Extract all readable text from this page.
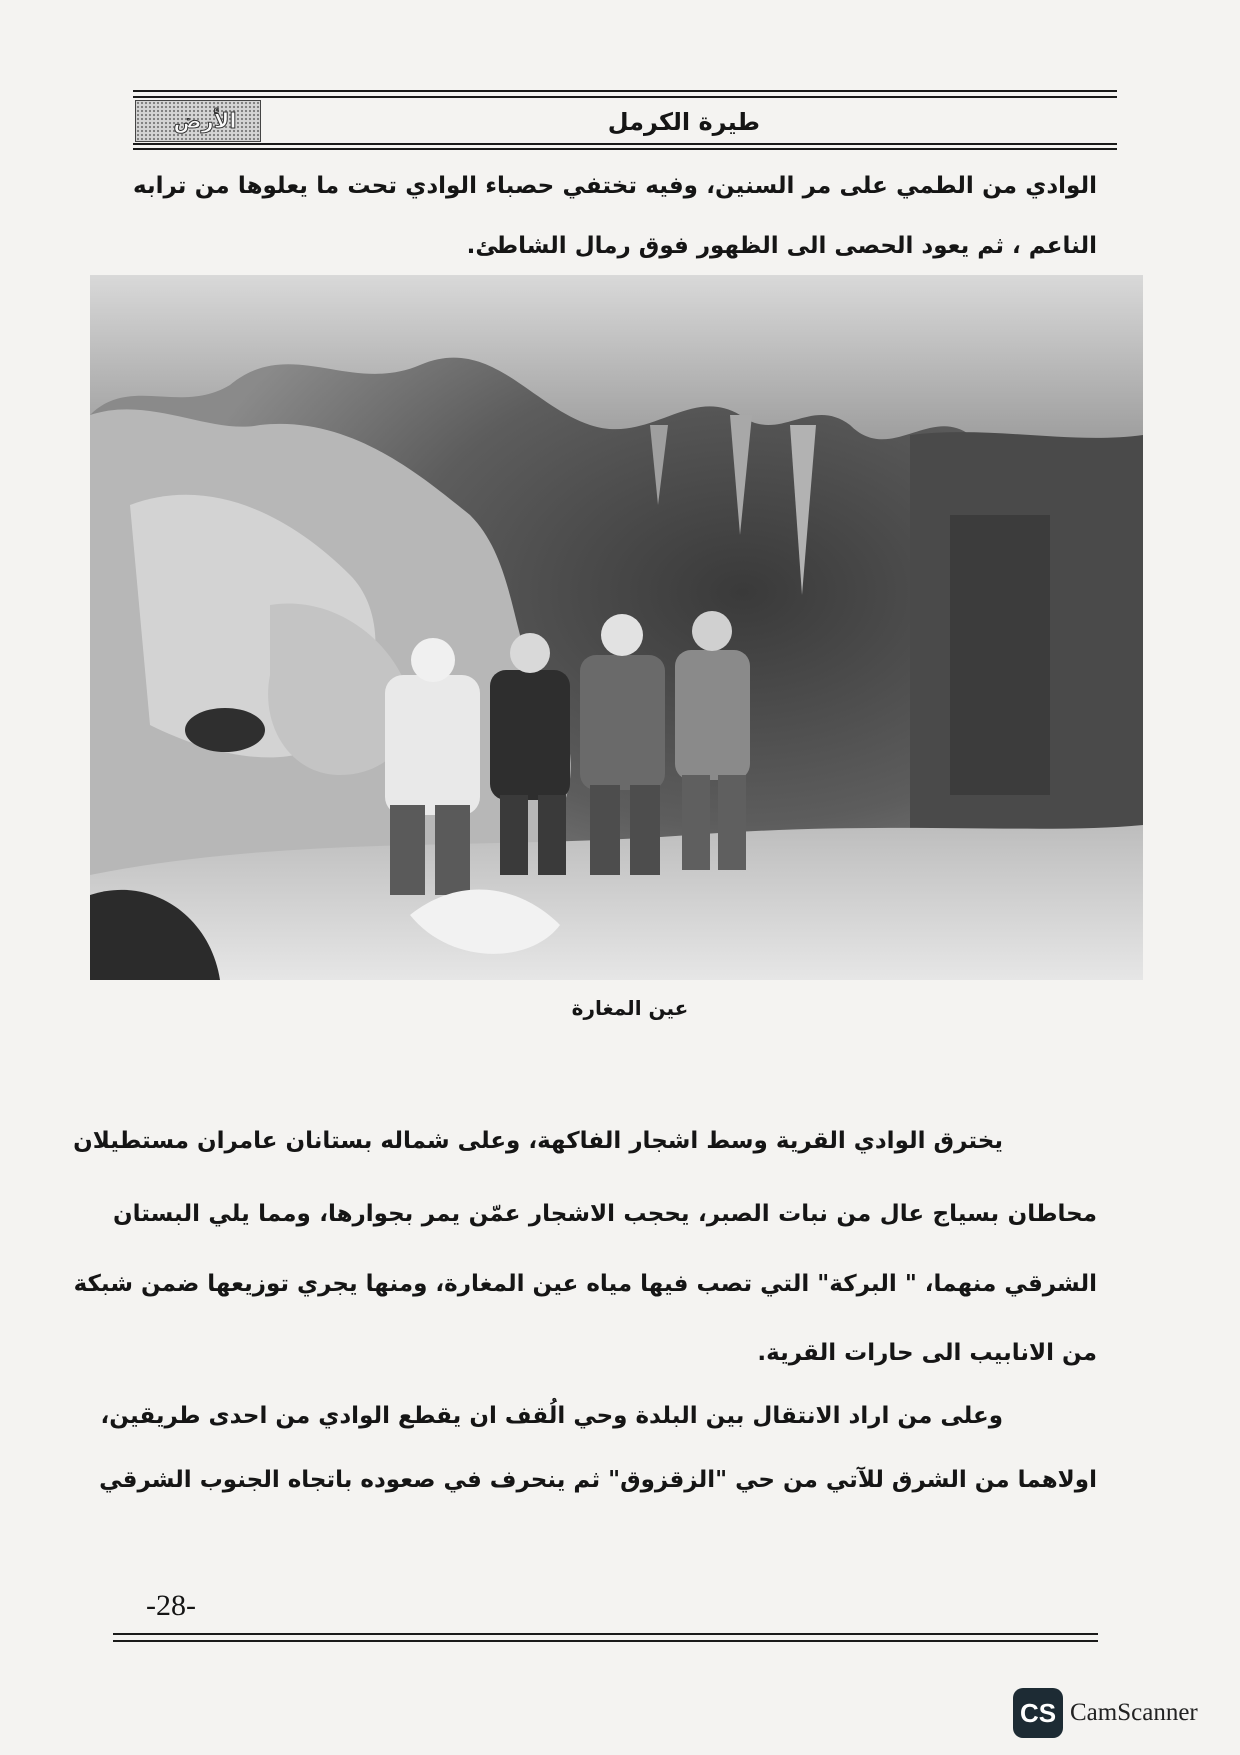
الأرض	طيرة الكرمل
الوادي من الطمي على مر السنين، وفيه تختفي حصباء الوادي تحت ما يعلوها من ترابه
الناعم ، ثم يعود الحصى الى الظهور فوق رمال الشاطئ.
عين المغارة
يخترق الوادي القرية وسط اشجار الفاكهة، وعلى شماله بستانان عامران مستطيلان
محاطان بسياج عال من نبات الصبر، يحجب الاشجار عمّن يمر بجوارها، ومما يلي البستان
الشرقي منهما، " البركة" التي تصب فيها مياه عين المغارة، ومنها يجري توزيعها ضمن شبكة
من الانابيب الى حارات القرية.
وعلى من اراد الانتقال بين البلدة وحي الُقف ان يقطع الوادي من احدى طريقين،
اولاهما من الشرق للآتي من حي "الزقزوق" ثم ينحرف في صعوده باتجاه الجنوب الشرقي
-28-
CS CamScanner
